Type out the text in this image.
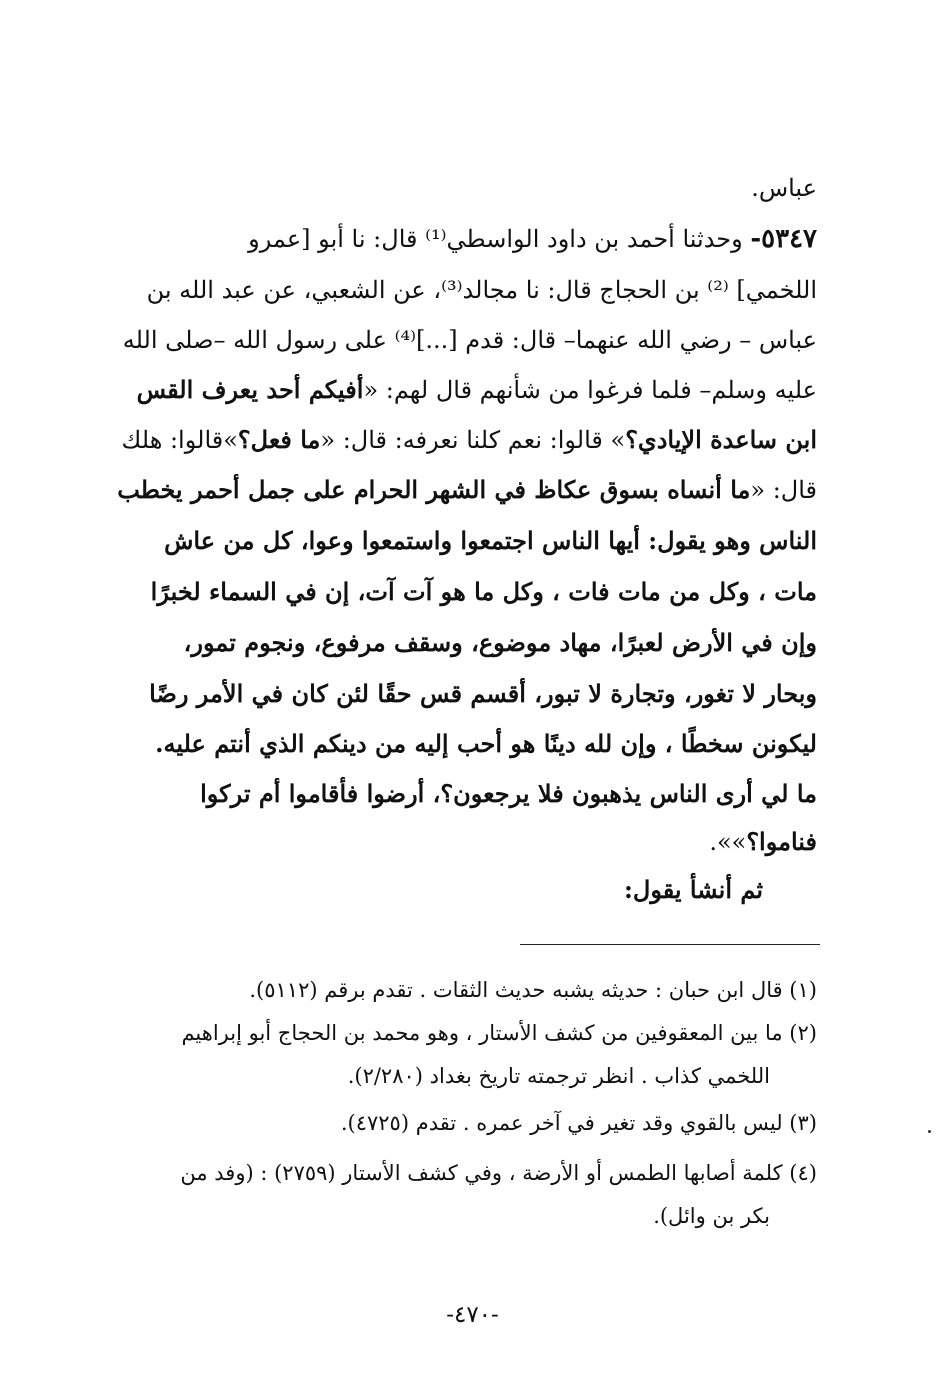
عباس.
٥٣٤٧- وحدثنا أحمد بن داود الواسطي⁽¹⁾ قال: نا أبو [عمرو
اللخمي] ⁽²⁾ بن الحجاج قال: نا مجالد⁽³⁾، عن الشعبي، عن عبد الله بن
عباس – رضي الله عنهما– قال: قدم [...]⁽⁴⁾ على رسول الله –صلى الله
عليه وسلم– فلما فرغوا من شأنهم قال لهم: «أفيكم أحد يعرف القس
ابن ساعدة الإيادي؟» قالوا: نعم كلنا نعرفه: قال: «ما فعل؟»قالوا: هلك
قال: «ما أنساه بسوق عكاظ في الشهر الحرام على جمل أحمر يخطب
الناس وهو يقول: أيها الناس اجتمعوا واستمعوا وعوا، كل من عاش
مات ، وكل من مات فات ، وكل ما هو آت آت، إن في السماء لخبرًا
وإن في الأرض لعبرًا، مهاد موضوع، وسقف مرفوع، ونجوم تمور،
وبحار لا تغور، وتجارة لا تبور، أقسم قس حقًا لئن كان في الأمر رضًا
ليكونن سخطًا ، وإن لله دينًا هو أحب إليه من دينكم الذي أنتم عليه.
ما لي أرى الناس يذهبون فلا يرجعون؟، أرضوا فأقاموا أم تركوا
فناموا؟»».
ثم أنشأ يقول:
(١) قال ابن حبان : حديثه يشبه حديث الثقات . تقدم برقم (٥١١٢).
(٢) ما بين المعقوفين من كشف الأستار ، وهو محمد بن الحجاج أبو إبراهيم
اللخمي كذاب . انظر ترجمته تاريخ بغداد (٢/٢٨٠).
(٣) ليس بالقوي وقد تغير في آخر عمره . تقدم (٤٧٢٥).
(٤) كلمة أصابها الطمس أو الأرضة ، وفي كشف الأستار (٢٧٥٩) : (وفد من
بكر بن وائل).
-٤٧٠-
